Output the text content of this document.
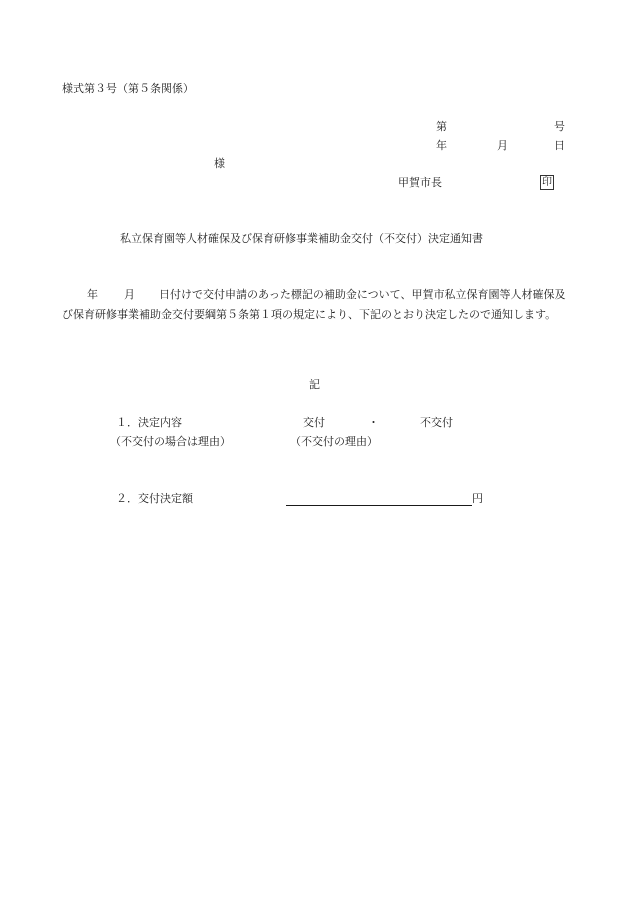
様式第３号（第５条関係）
第	号
年	月	日
様
甲賀市長	印
私立保育園等人材確保及び保育研修事業補助金交付（不交付）決定通知書
年 月 日付けで交付申請のあった標記の補助金について、甲賀市私立保育園等人材確保及び保育研修事業補助金交付要綱第５条第１項の規定により、下記のとおり決定したので通知します。
記
１．決定内容	交付	・	不交付
（不交付の場合は理由）	（不交付の理由）
２．交付決定額	円
